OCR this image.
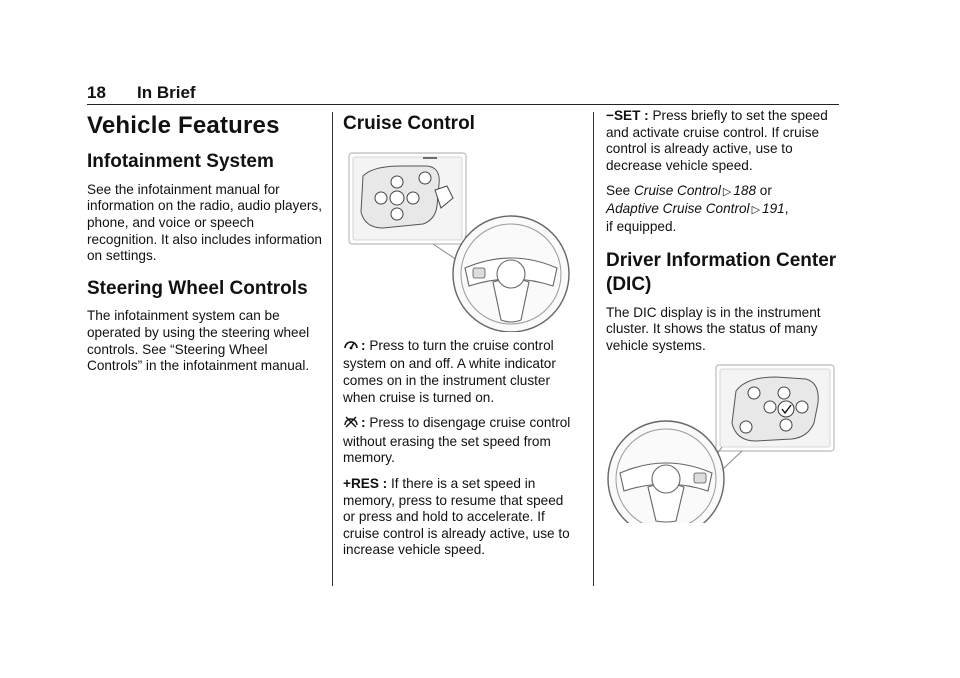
18 In Brief
Vehicle Features
Infotainment System

See the infotainment manual for information on the radio, audio players, phone, and voice or speech recognition. It also includes information on settings.

Steering Wheel Controls

The infotainment system can be operated by using the steering wheel controls. See “Steering Wheel Controls” in the infotainment manual.

Cruise Control

: Press to turn the cruise control system on and off. A white indicator comes on in the instrument cluster when cruise is turned on.

: Press to disengage cruise control without erasing the set speed from memory.

+RES : If there is a set speed in memory, press to resume that speed or press and hold to accelerate. If cruise control is already active, use to increase vehicle speed.

−SET : Press briefly to set the speed and activate cruise control. If cruise control is already active, use to decrease vehicle speed.

See Cruise Control ▷ 188 or
Adaptive Cruise Control ▷ 191,
if equipped.

Driver Information Center (DIC)

The DIC display is in the instrument cluster. It shows the status of many vehicle systems.
